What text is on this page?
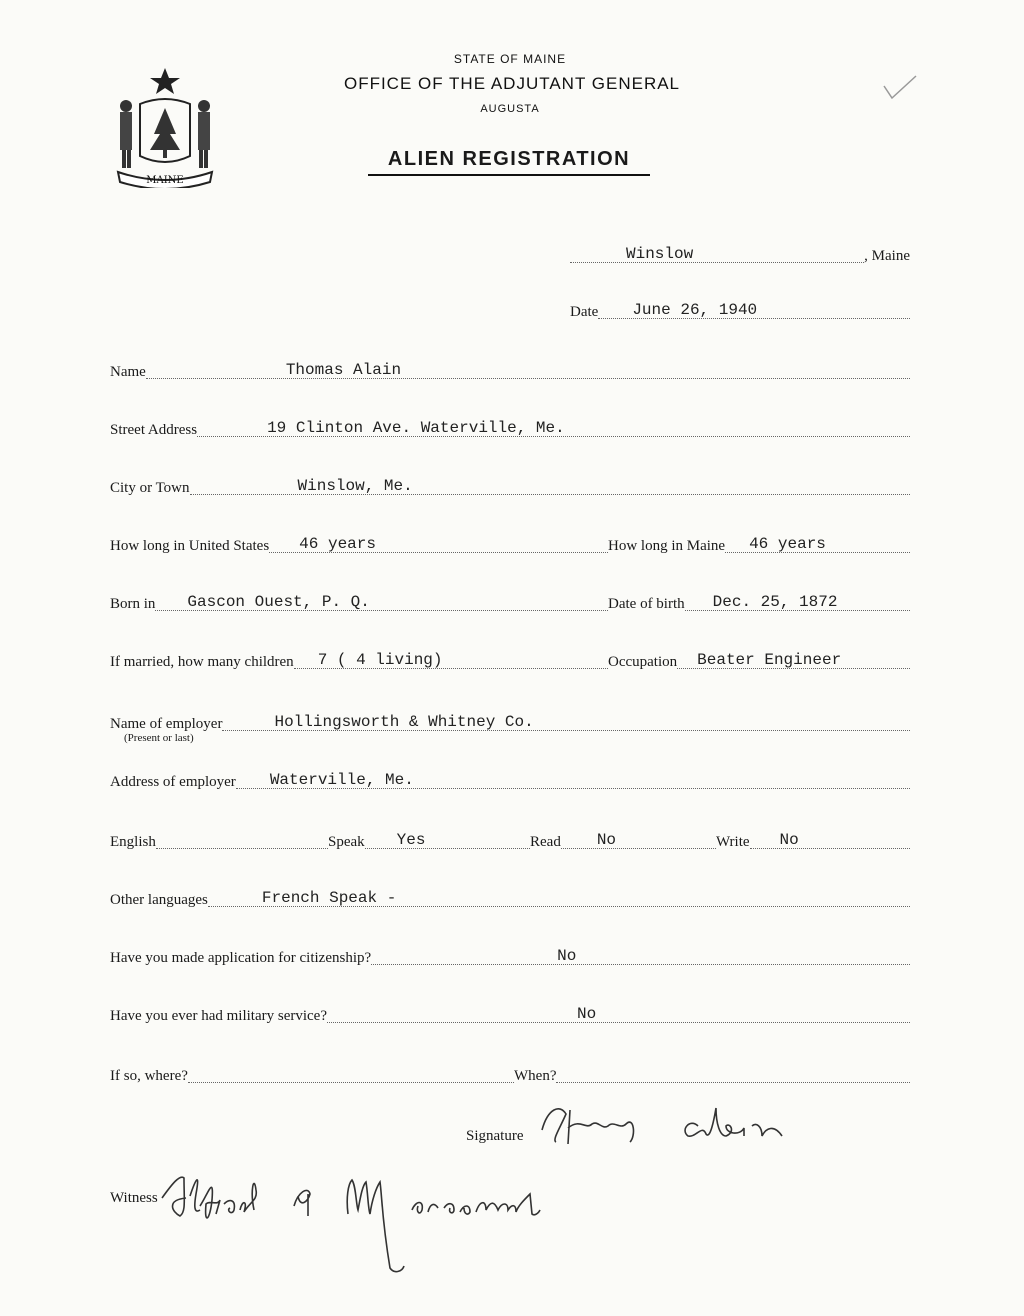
MAINE
STATE OF MAINE
OFFICE OF THE ADJUTANT GENERAL
AUGUSTA
ALIEN REGISTRATION
Winslow	, Maine
Date June 26, 1940
Name	Thomas Alain
Street Address	19 Clinton Ave. Waterville, Me.
City or Town	Winslow, Me.
How long in United States 46 years	How long in Maine 46 years
Born in Gascon Ouest, P. Q.	Date of birth Dec. 25, 1872
If married, how many children 7 ( 4 living)	Occupation Beater Engineer
Name of employer	Hollingsworth & Whitney Co.
(Present or last)
Address of employer Waterville, Me.
English	Speak Yes	Read No	Write No
Other languages	French Speak -
Have you made application for citizenship?	No
Have you ever had military service?	No
If so, where?	When?
Signature
Witness
